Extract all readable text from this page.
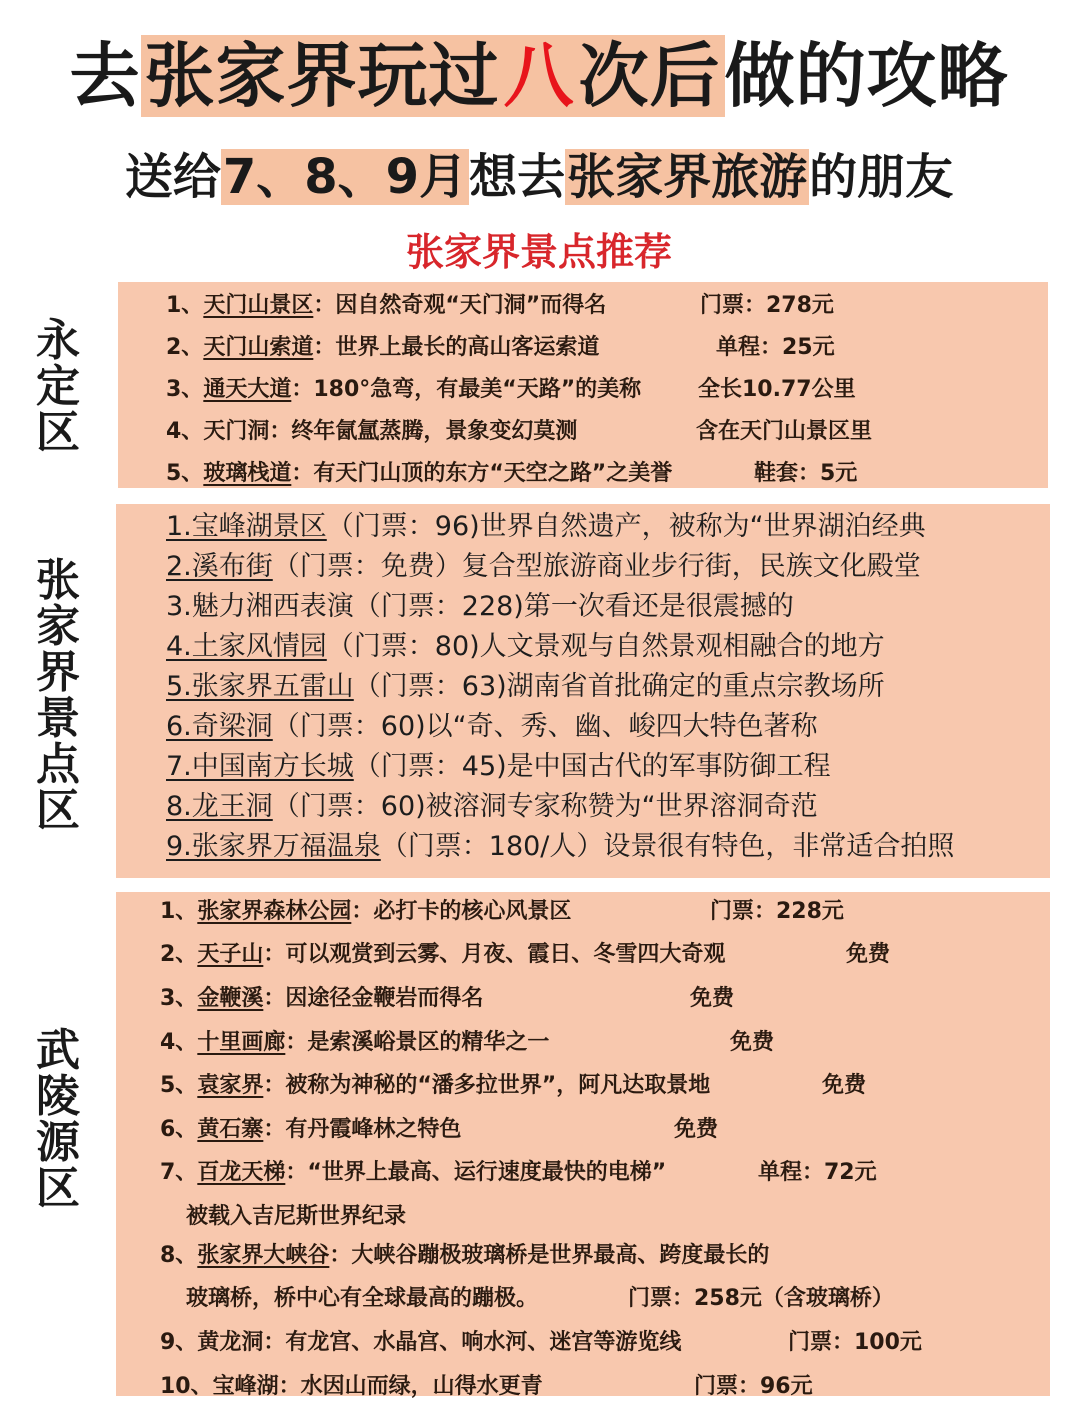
去张家界玩过八次后做的攻略
送给7、8、9月想去张家界旅游的朋友
张家界景点推荐
永
定
区
张
家
界
景
点
区
武
陵
源
区
1、天门山景区：因自然奇观“天门洞”而得名	门票：278元
2、天门山索道：世界上最长的高山客运索道	单程：25元
3、通天大道：180°急弯，有最美“天路”的美称	全长10.77公里
4、天门洞：终年氤氲蒸腾，景象变幻莫测	含在天门山景区里
5、玻璃栈道：有天门山顶的东方“天空之路”之美誉	鞋套：5元
1.宝峰湖景区（门票：96)世界自然遗产，被称为“世界湖泊经典
2.溪布街（门票：免费）复合型旅游商业步行街，民族文化殿堂
3.魅力湘西表演（门票：228)第一次看还是很震撼的
4.土家风情园（门票：80)人文景观与自然景观相融合的地方
5.张家界五雷山（门票：63)湖南省首批确定的重点宗教场所
6.奇梁洞（门票：60)以“奇、秀、幽、峻四大特色著称
7.中国南方长城（门票：45)是中国古代的军事防御工程
8.龙王洞（门票：60)被溶洞专家称赞为“世界溶洞奇范
9.张家界万福温泉（门票：180/人）设景很有特色，非常适合拍照
1、张家界森林公园：必打卡的核心风景区	门票：228元
2、天子山：可以观赏到云雾、月夜、霞日、冬雪四大奇观	免费
3、金鞭溪：因途径金鞭岩而得名	免费
4、十里画廊：是索溪峪景区的精华之一	免费
5、袁家界：被称为神秘的“潘多拉世界”，阿凡达取景地	免费
6、黄石寨：有丹霞峰林之特色	免费
7、百龙天梯：“世界上最高、运行速度最快的电梯”	单程：72元
被载入吉尼斯世界纪录
8、张家界大峡谷：大峡谷蹦极玻璃桥是世界最高、跨度最长的
玻璃桥，桥中心有全球最高的蹦极。	门票：258元（含玻璃桥）
9、黄龙洞：有龙宫、水晶宫、响水河、迷宫等游览线	门票：100元
10、宝峰湖：水因山而绿，山得水更青	门票：96元
